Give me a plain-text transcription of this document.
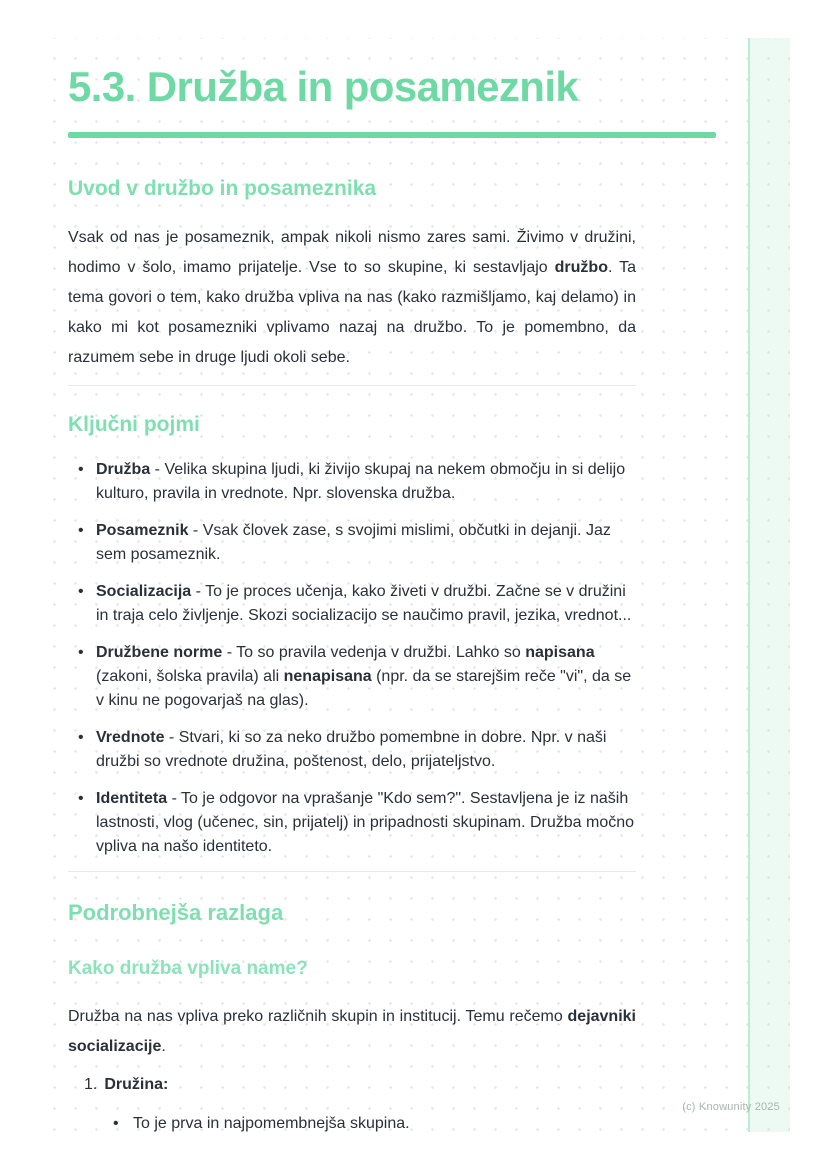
5.3. Družba in posameznik
Uvod v družbo in posameznika

Vsak od nas je posameznik, ampak nikoli nismo zares sami. Živimo v družini, hodimo v šolo, imamo prijatelje. Vse to so skupine, ki sestavljajo družbo. Ta tema govori o tem, kako družba vpliva na nas (kako razmišljamo, kaj delamo) in kako mi kot posamezniki vplivamo nazaj na družbo. To je pomembno, da razumem sebe in druge ljudi okoli sebe.

Ključni pojmi
• Družba - Velika skupina ljudi, ki živijo skupaj na nekem območju in si delijo kulturo, pravila in vrednote. Npr. slovenska družba.
• Posameznik - Vsak človek zase, s svojimi mislimi, občutki in dejanji. Jaz sem posameznik.
• Socializacija - To je proces učenja, kako živeti v družbi. Začne se v družini in traja celo življenje. Skozi socializacijo se naučimo pravil, jezika, vrednot...
• Družbene norme - To so pravila vedenja v družbi. Lahko so napisana (zakoni, šolska pravila) ali nenapisana (npr. da se starejšim reče "vi", da se v kinu ne pogovarjaš na glas).
• Vrednote - Stvari, ki so za neko družbo pomembne in dobre. Npr. v naši družbi so vrednote družina, poštenost, delo, prijateljstvo.
• Identiteta - To je odgovor na vprašanje "Kdo sem?". Sestavljena je iz naših lastnosti, vlog (učenec, sin, prijatelj) in pripadnosti skupinam. Družba močno vpliva na našo identiteto.
Podrobnejša razlaga
Kako družba vpliva name?

Družba na nas vpliva preko različnih skupin in institucij. Temu rečemo dejavniki socializacije.

1. Družina:
• To je prva in najpomembnejša skupina.
(c) Knowunity 2025
